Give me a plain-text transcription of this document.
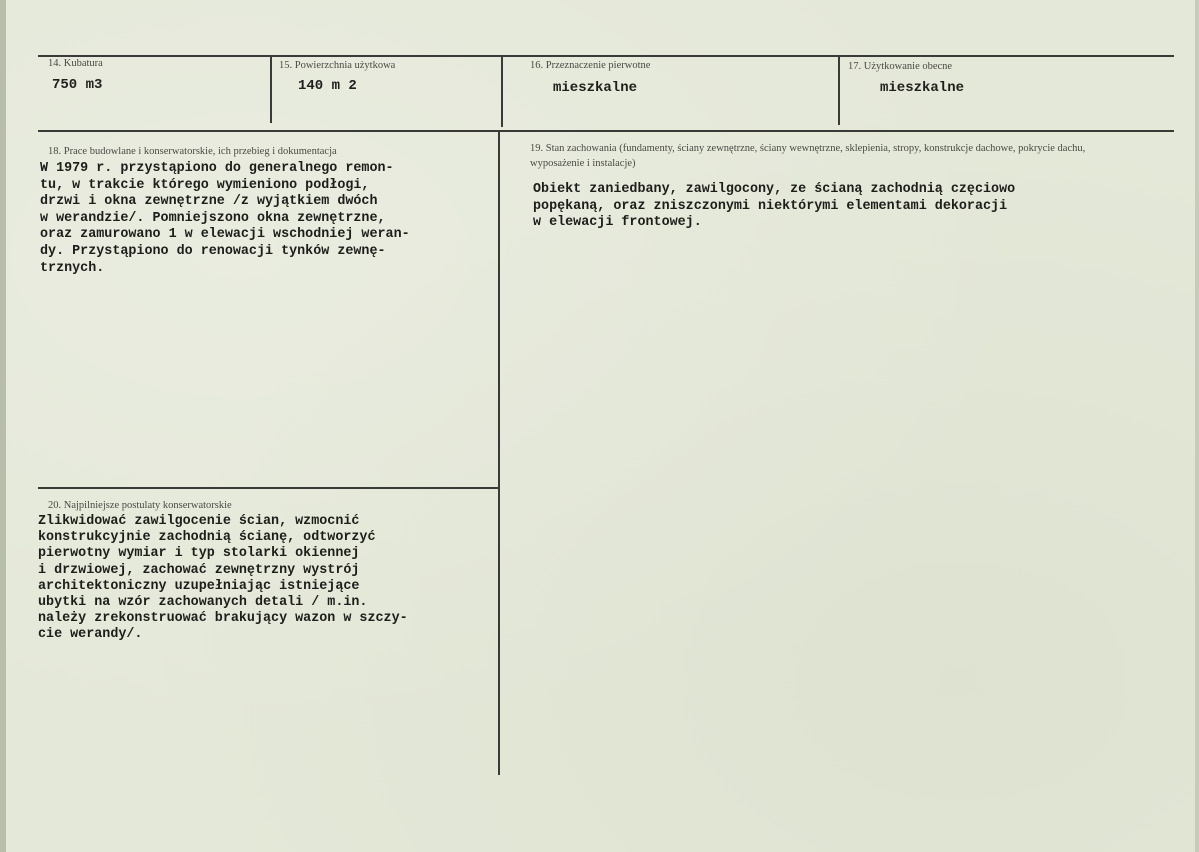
14. Kubatura
750 m3
15. Powierzchnia użytkowa
140 m 2
16. Przeznaczenie pierwotne
mieszkalne
17. Użytkowanie obecne
mieszkalne
18. Prace budowlane i konserwatorskie, ich przebieg i dokumentacja
W 1979 r. przystąpiono do generalnego remon-
tu, w trakcie którego wymieniono podłogi,
drzwi i okna zewnętrzne /z wyjątkiem dwóch
w werandzie/. Pomniejszono okna zewnętrzne,
oraz zamurowano 1 w elewacji wschodniej weran-
dy. Przystąpiono do renowacji tynków zewnę-
trznych.
19. Stan zachowania (fundamenty, ściany zewnętrzne, ściany wewnętrzne, sklepienia, stropy, konstrukcje dachowe, pokrycie dachu, wyposażenie i instalacje)
Obiekt zaniedbany, zawilgocony, ze ścianą zachodnią częciowo
popękaną, oraz zniszczonymi niektórymi elementami dekoracji
w elewacji frontowej.
20. Najpilniejsze postulaty konserwatorskie
Zlikwidować zawilgocenie ścian, wzmocnić
konstrukcyjnie zachodnią ścianę, odtworzyć
pierwotny wymiar i typ stolarki okiennej
i drzwiowej, zachować zewnętrzny wystrój
architektoniczny uzupełniając istniejące
ubytki na wzór zachowanych detali / m.in.
należy zrekonstruować brakujący wazon w szczy-
cie werandy/.
